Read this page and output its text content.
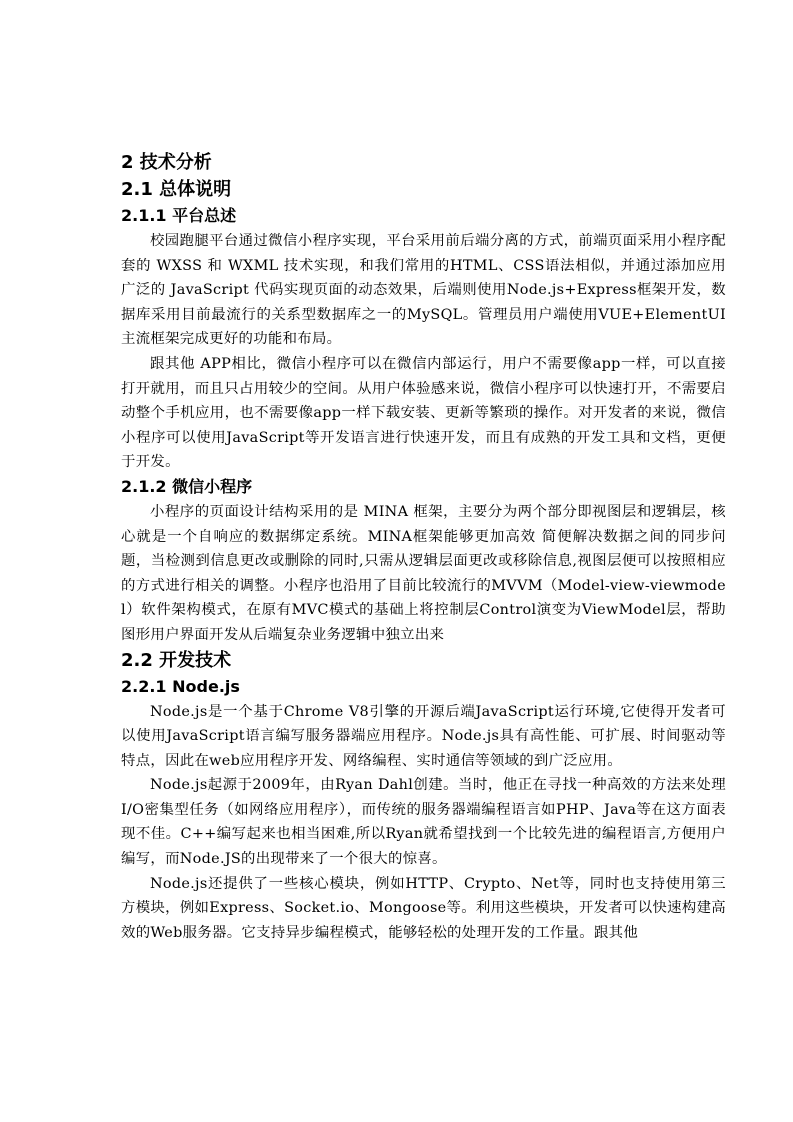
2 技术分析
2.1 总体说明
2.1.1 平台总述

校园跑腿平台通过微信小程序实现，平台采用前后端分离的方式，前端页面采用小程序配套的 WXSS 和 WXML 技术实现，和我们常用的HTML、CSS语法相似，并通过添加应用广泛的 JavaScript 代码实现页面的动态效果，后端则使用Node.js+Express框架开发，数据库采用目前最流行的关系型数据库之一的MySQL。管理员用户端使用VUE+ElementUI主流框架完成更好的功能和布局。

跟其他 APP相比，微信小程序可以在微信内部运行，用户不需要像app一样，可以直接打开就用，而且只占用较少的空间。从用户体验感来说，微信小程序可以快速打开，不需要启动整个手机应用，也不需要像app一样下载安装、更新等繁琐的操作。对开发者的来说，微信小程序可以使用JavaScript等开发语言进行快速开发，而且有成熟的开发工具和文档，更便于开发。

2.1.2 微信小程序

小程序的页面设计结构采用的是 MINA 框架，主要分为两个部分即视图层和逻辑层，核心就是一个自响应的数据绑定系统。MINA框架能够更加高效 简便解决数据之间的同步问题，当检测到信息更改或删除的同时,只需从逻辑层面更改或移除信息,视图层便可以按照相应的方式进行相关的调整。小程序也沿用了目前比较流行的MVVM（Model-view-viewmodel）软件架构模式，在原有MVC模式的基础上将控制层Control演变为ViewModel层，帮助图形用户界面开发从后端复杂业务逻辑中独立出来

2.2 开发技术
2.2.1 Node.js

Node.js是一个基于Chrome V8引擎的开源后端JavaScript运行环境,它使得开发者可以使用JavaScript语言编写服务器端应用程序。Node.js具有高性能、可扩展、时间驱动等特点，因此在web应用程序开发、网络编程、实时通信等领域的到广泛应用。

Node.js起源于2009年，由Ryan Dahl创建。当时，他正在寻找一种高效的方法来处理I/O密集型任务（如网络应用程序），而传统的服务器端编程语言如PHP、Java等在这方面表现不佳。C++编写起来也相当困难,所以Ryan就希望找到一个比较先进的编程语言,方便用户编写，而Node.JS的出现带来了一个很大的惊喜。

Node.js还提供了一些核心模块，例如HTTP、Crypto、Net等，同时也支持使用第三方模块，例如Express、Socket.io、Mongoose等。利用这些模块，开发者可以快速构建高效的Web服务器。它支持异步编程模式，能够轻松的处理开发的工作量。跟其他
